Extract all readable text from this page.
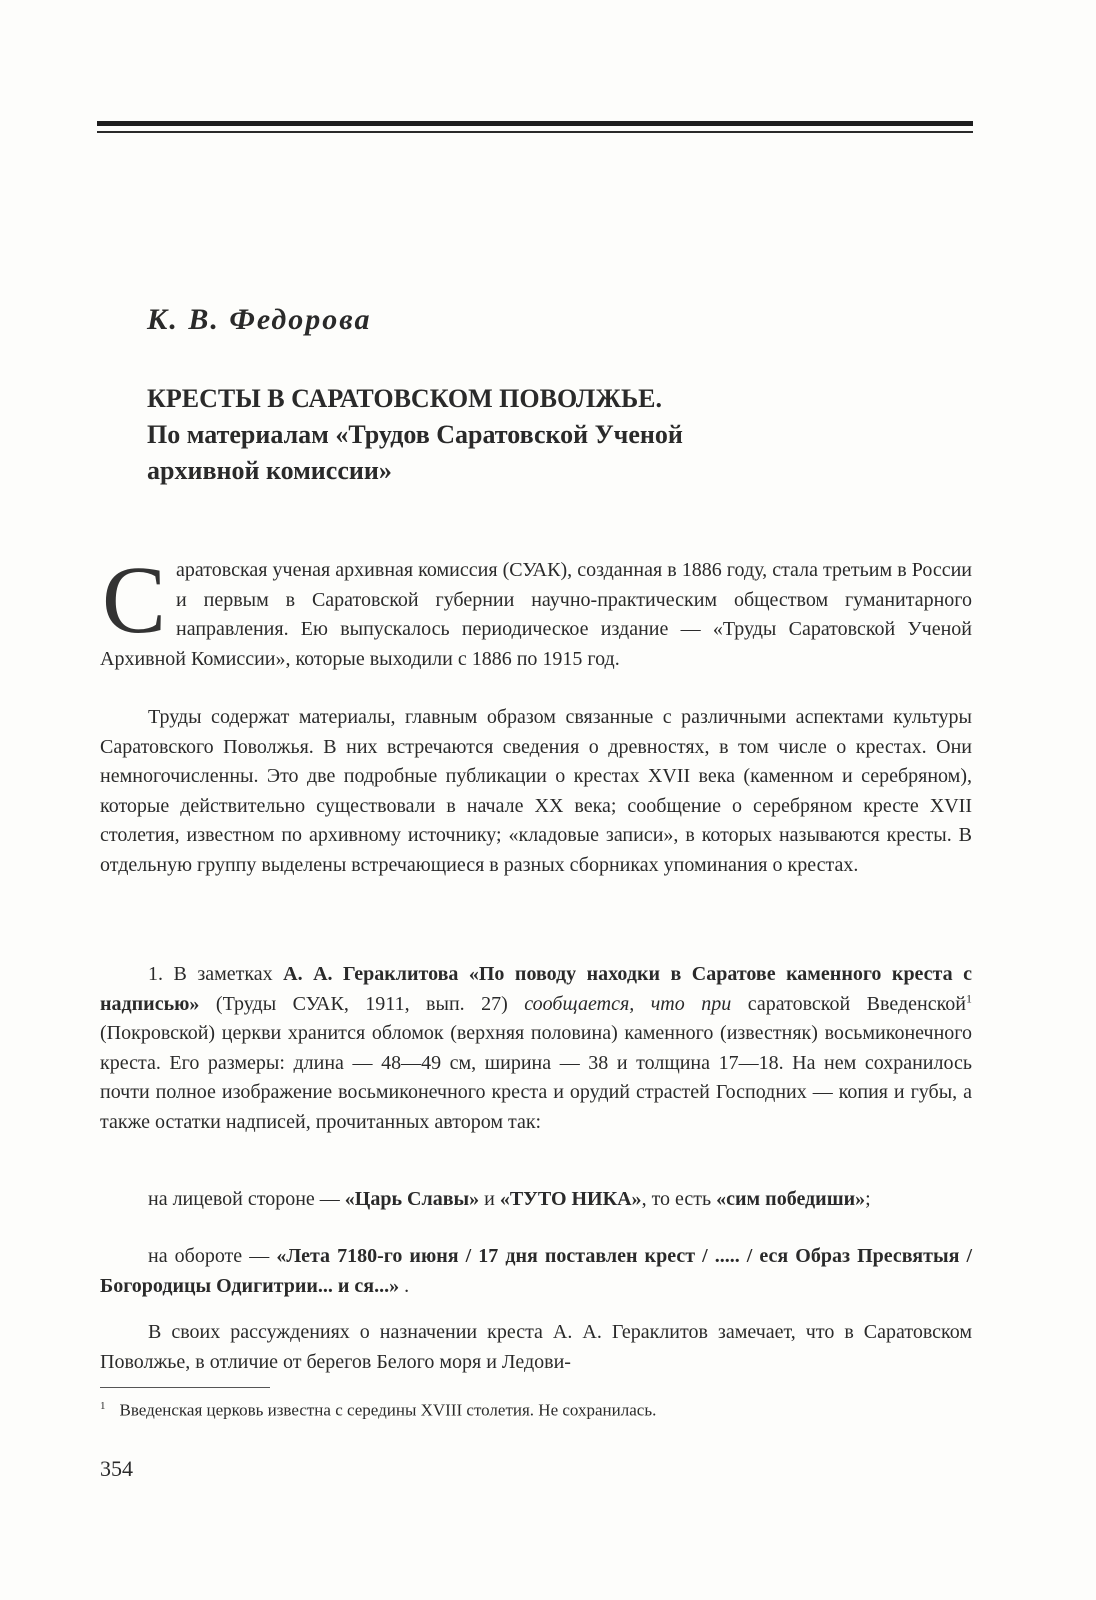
К. В. Федорова
КРЕСТЫ В САРАТОВСКОМ ПОВОЛЖЬЕ.
По материалам «Трудов Саратовской Ученой
архивной комиссии»

Саратовская ученая архивная комиссия (СУАК), созданная в 1886 году, стала третьим в России и первым в Саратовской губернии научно-практическим обществом гуманитарного направления. Ею выпускалось периодическое издание — «Труды Саратовской Ученой Архивной Комиссии», которые выходили с 1886 по 1915 год.

Труды содержат материалы, главным образом связанные с различными аспектами культуры Саратовского Поволжья. В них встречаются сведения о древностях, в том числе о крестах. Они немногочисленны. Это две подробные публикации о крестах XVII века (каменном и серебряном), которые действительно существовали в начале XX века; сообщение о серебряном кресте XVII столетия, известном по архивному источнику; «кладовые записи», в которых называются кресты. В отдельную группу выделены встречающиеся в разных сборниках упоминания о крестах.

1. В заметках А. А. Гераклитова «По поводу находки в Саратове каменного креста с надписью» (Труды СУАК, 1911, вып. 27) сообщается, что при саратовской Введенской$^1$ (Покровской) церкви хранится обломок (верхняя половина) каменного (известняк) восьмиконечного креста. Его размеры: длина — 48—49 см, ширина — 38 и толщина 17—18. На нем сохранилось почти полное изображение восьмиконечного креста и орудий страстей Господних — копия и губы, а также остатки надписей, прочитанных автором так:

на лицевой стороне — «Царь Славы» и «ТУТО НИКА», то есть «сим победиши»;

на обороте — «Лета 7180-го июня / 17 дня поставлен крест / ..... / еся Образ Пресвятыя / Богородицы Одигитрии... и ся...» .

В своих рассуждениях о назначении креста А. А. Гераклитов замечает, что в Саратовском Поволжье, в отличие от берегов Белого моря и Ледови-

$^1$ Введенская церковь известна с середины XVIII столетия. Не сохранилась.
354
